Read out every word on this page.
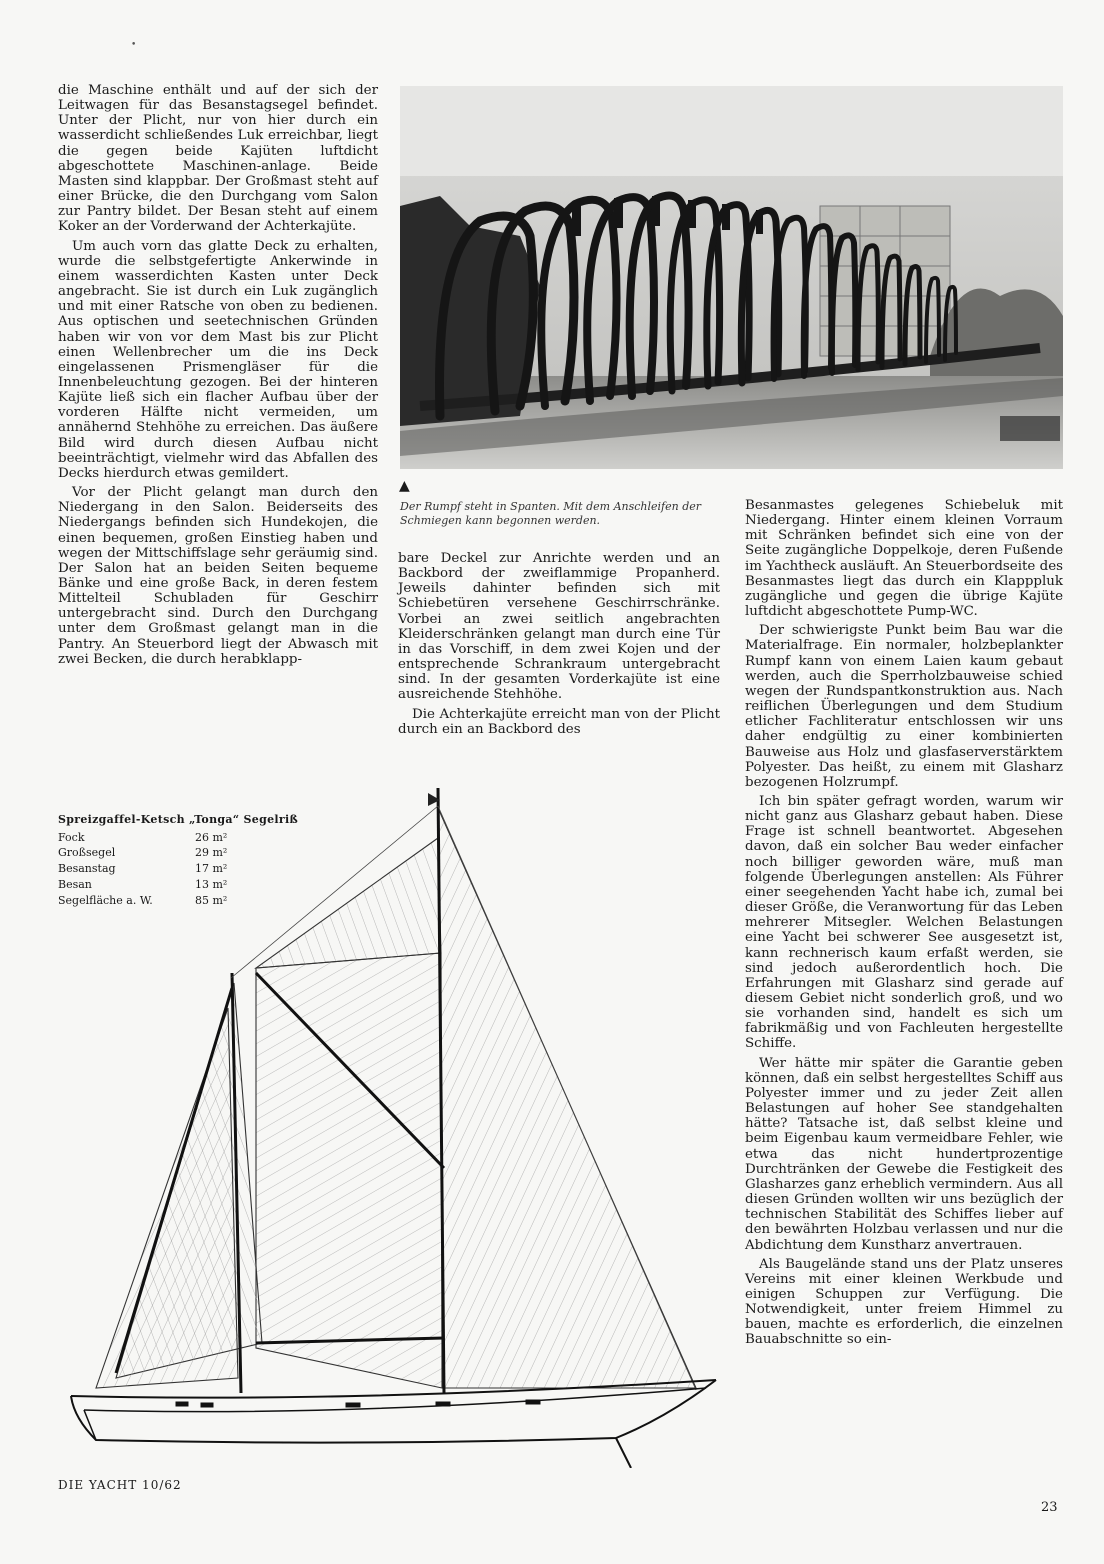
•

die Maschine enthält und auf der sich der Leitwagen für das Besanstagsegel befindet. Unter der Plicht, nur von hier durch ein wasserdicht schließendes Luk erreichbar, liegt die gegen beide Kajüten luftdicht abgeschottete Maschinen-anlage. Beide Masten sind klappbar. Der Großmast steht auf einer Brücke, die den Durchgang vom Salon zur Pantry bildet. Der Besan steht auf einem Koker an der Vorderwand der Achterkajüte.

Um auch vorn das glatte Deck zu erhalten, wurde die selbstgefertigte Ankerwinde in einem wasserdichten Kasten unter Deck angebracht. Sie ist durch ein Luk zugänglich und mit einer Ratsche von oben zu bedienen. Aus optischen und seetechnischen Gründen haben wir von vor dem Mast bis zur Plicht einen Wellenbrecher um die ins Deck eingelassenen Prismengläser für die Innenbeleuchtung gezogen. Bei der hinteren Kajüte ließ sich ein flacher Aufbau über der vorderen Hälfte nicht vermeiden, um annähernd Stehhöhe zu erreichen. Das äußere Bild wird durch diesen Aufbau nicht beeinträchtigt, vielmehr wird das Abfallen des Decks hierdurch etwas gemildert.

Vor der Plicht gelangt man durch den Niedergang in den Salon. Beiderseits des Niedergangs befinden sich Hundekojen, die einen bequemen, großen Einstieg haben und wegen der Mittschiffslage sehr geräumig sind. Der Salon hat an beiden Seiten bequeme Bänke und eine große Back, in deren festem Mittelteil Schubladen für Geschirr untergebracht sind. Durch den Durchgang unter dem Großmast gelangt man in die Pantry. An Steuerbord liegt der Abwasch mit zwei Becken, die durch herabklapp-

▲
Der Rumpf steht in Spanten. Mit dem Anschleifen der Schmiegen kann begonnen werden.

bare Deckel zur Anrichte werden und an Backbord der zweiflammige Propanherd. Jeweils dahinter befinden sich mit Schiebetüren versehene Geschirrschränke. Vorbei an zwei seitlich angebrachten Kleiderschränken gelangt man durch eine Tür in das Vorschiff, in dem zwei Kojen und der entsprechende Schrankraum untergebracht sind. In der gesamten Vorderkajüte ist eine ausreichende Stehhöhe.

Die Achterkajüte erreicht man von der Plicht durch ein an Backbord des

Besanmastes gelegenes Schiebeluk mit Niedergang. Hinter einem kleinen Vorraum mit Schränken befindet sich eine von der Seite zugängliche Doppelkoje, deren Fußende im Yachtheck ausläuft. An Steuerbordseite des Besanmastes liegt das durch ein Klapppluk zugängliche und gegen die übrige Kajüte luftdicht abgeschottete Pump-WC.

Der schwierigste Punkt beim Bau war die Materialfrage. Ein normaler, holzbeplankter Rumpf kann von einem Laien kaum gebaut werden, auch die Sperrholzbauweise schied wegen der Rundspantkonstruktion aus. Nach reiflichen Überlegungen und dem Studium etlicher Fachliteratur entschlossen wir uns daher endgültig zu einer kombinierten Bauweise aus Holz und glasfaserverstärktem Polyester. Das heißt, zu einem mit Glasharz bezogenen Holzrumpf.

Ich bin später gefragt worden, warum wir nicht ganz aus Glasharz gebaut haben. Diese Frage ist schnell beantwortet. Abgesehen davon, daß ein solcher Bau weder einfacher noch billiger geworden wäre, muß man folgende Überlegungen anstellen: Als Führer einer seegehenden Yacht habe ich, zumal bei dieser Größe, die Veranwortung für das Leben mehrerer Mitsegler. Welchen Belastungen eine Yacht bei schwerer See ausgesetzt ist, kann rechnerisch kaum erfaßt werden, sie sind jedoch außerordentlich hoch. Die Erfahrungen mit Glasharz sind gerade auf diesem Gebiet nicht sonderlich groß, und wo sie vorhanden sind, handelt es sich um fabrikmäßig und von Fachleuten hergestellte Schiffe.

Wer hätte mir später die Garantie geben können, daß ein selbst hergestelltes Schiff aus Polyester immer und zu jeder Zeit allen Belastungen auf hoher See standgehalten hätte? Tatsache ist, daß selbst kleine und beim Eigenbau kaum vermeidbare Fehler, wie etwa das nicht hundertprozentige Durchtränken der Gewebe die Festigkeit des Glasharzes ganz erheblich vermindern. Aus all diesen Gründen wollten wir uns bezüglich der technischen Stabilität des Schiffes lieber auf den bewährten Holzbau verlassen und nur die Abdichtung dem Kunstharz anvertrauen.

Als Baugelände stand uns der Platz unseres Vereins mit einer kleinen Werkbude und einigen Schuppen zur Verfügung. Die Notwendigkeit, unter freiem Himmel zu bauen, machte es erforderlich, die einzelnen Bauabschnitte so ein-

Spreizgaffel-Ketsch „Tonga“ Segelriß
Fock	26 m²
Großsegel	29 m²
Besanstag	17 m²
Besan	13 m²
Segelfläche a. W.	85 m²
DIE YACHT 10/62
23
